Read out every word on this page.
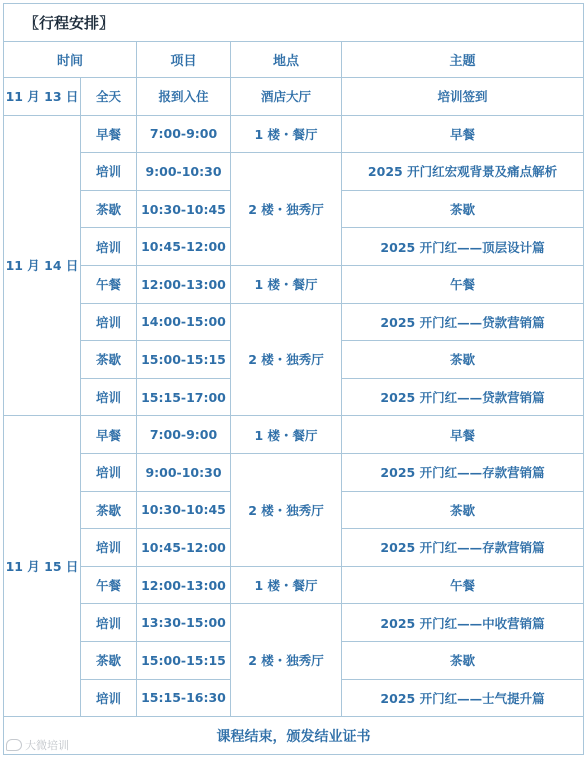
〖行程安排〗				
时间		项目	地点	主题
11 月 13 日	全天	报到入住	酒店大厅	培训签到
11 月 14 日	早餐	7:00-9:00	1 楼・餐厅	早餐
	培训	9:00-10:30	2 楼・独秀厅	2025 开门红宏观背景及痛点解析
	茶歇	10:30-10:45		茶歇
	培训	10:45-12:00		2025 开门红——顶层设计篇
	午餐	12:00-13:00	1 楼・餐厅	午餐
	培训	14:00-15:00	2 楼・独秀厅	2025 开门红——贷款营销篇
	茶歇	15:00-15:15		茶歇
	培训	15:15-17:00		2025 开门红——贷款营销篇
11 月 15 日	早餐	7:00-9:00	1 楼・餐厅	早餐
	培训	9:00-10:30	2 楼・独秀厅	2025 开门红——存款营销篇
	茶歇	10:30-10:45		茶歇
	培训	10:45-12:00		2025 开门红——存款营销篇
	午餐	12:00-13:00	1 楼・餐厅	午餐
	培训	13:30-15:00	2 楼・独秀厅	2025 开门红——中收营销篇
	茶歇	15:00-15:15		茶歇
	培训	15:15-16:30		2025 开门红——士气提升篇
课程结束，颁发结业证书				
大微培训
